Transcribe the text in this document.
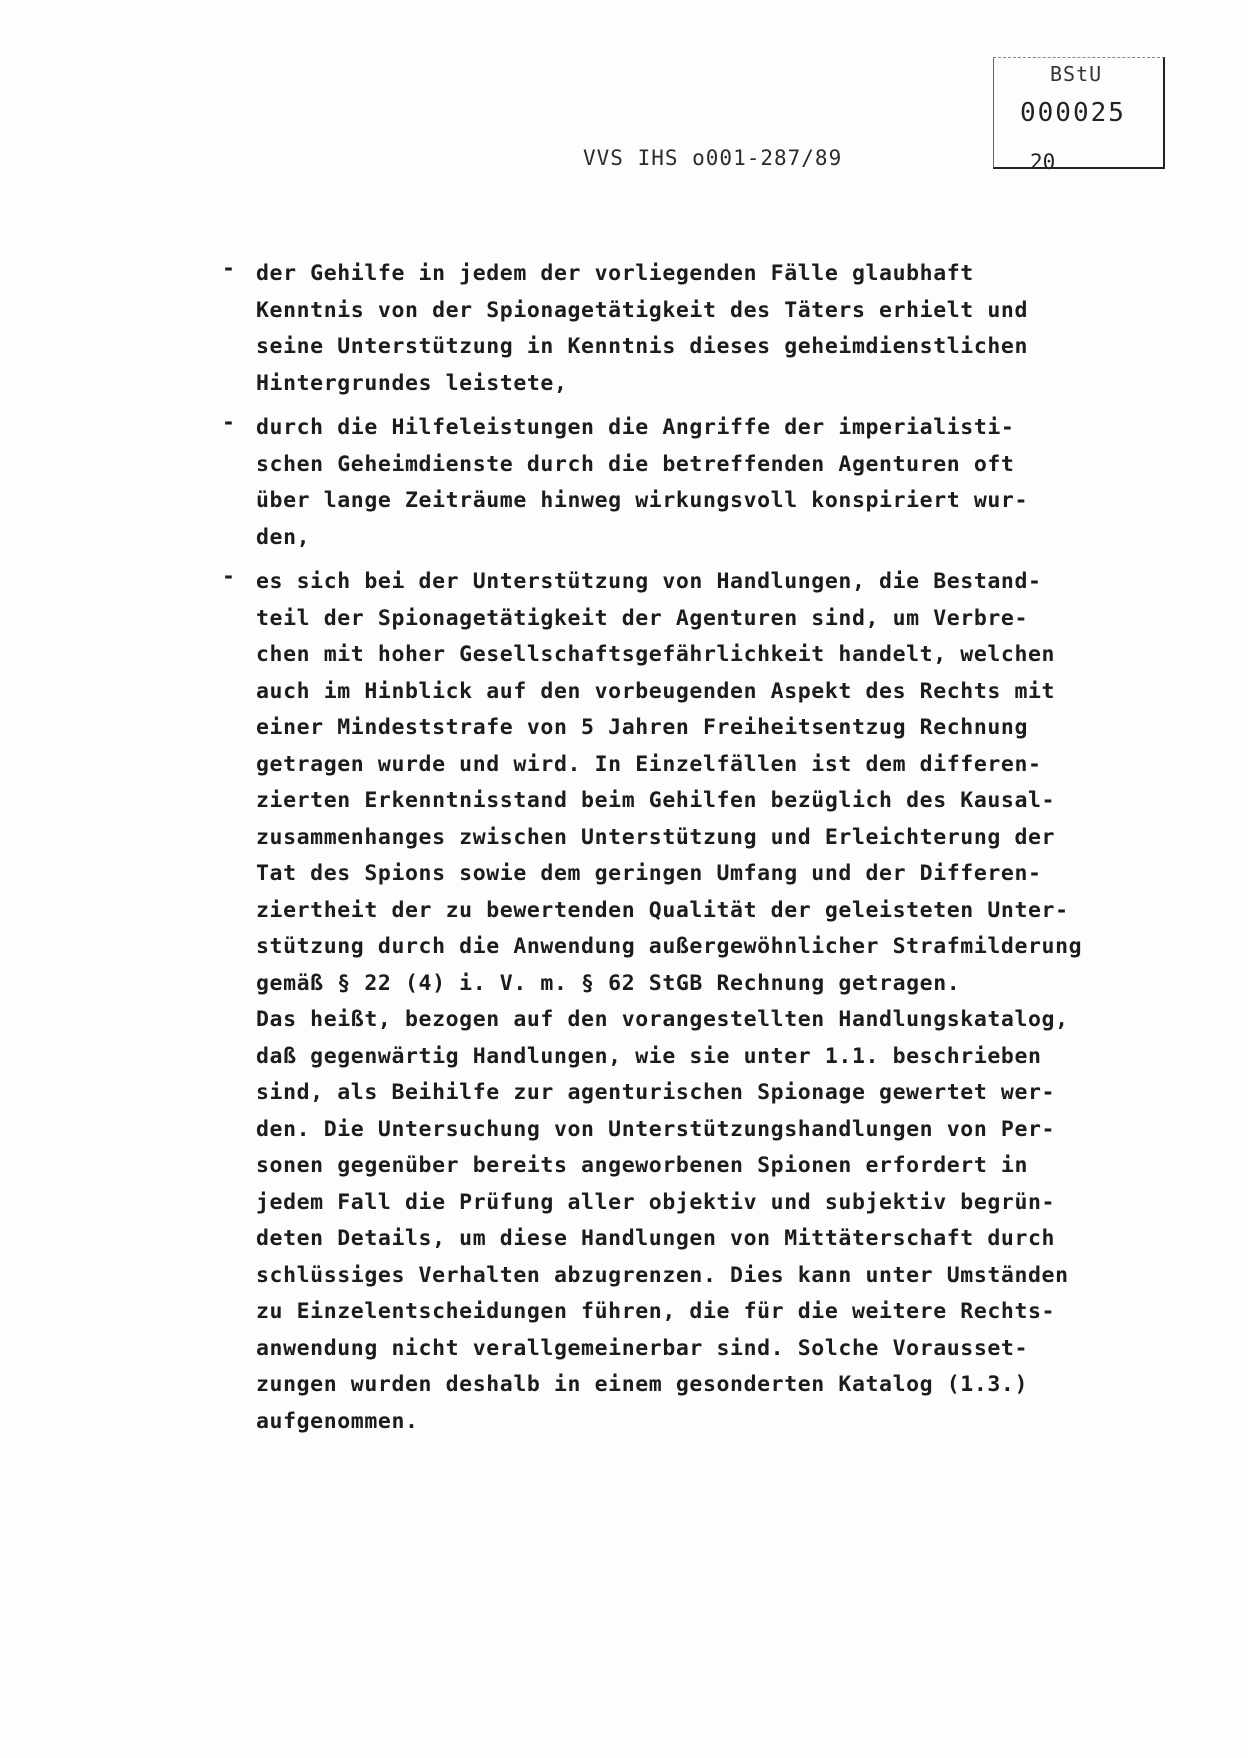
VVS IHS o001-287/89
BStU
000025
20
- der Gehilfe in jedem der vorliegenden Fälle glaubhaft
Kenntnis von der Spionagetätigkeit des Täters erhielt und
seine Unterstützung in Kenntnis dieses geheimdienstlichen
Hintergrundes leistete,
- durch die Hilfeleistungen die Angriffe der imperialisti-
schen Geheimdienste durch die betreffenden Agenturen oft
über lange Zeiträume hinweg wirkungsvoll konspiriert wur-
den,
- es sich bei der Unterstützung von Handlungen, die Bestand-
teil der Spionagetätigkeit der Agenturen sind, um Verbre-
chen mit hoher Gesellschaftsgefährlichkeit handelt, welchen
auch im Hinblick auf den vorbeugenden Aspekt des Rechts mit
einer Mindeststrafe von 5 Jahren Freiheitsentzug Rechnung
getragen wurde und wird. In Einzelfällen ist dem differen-
zierten Erkenntnisstand beim Gehilfen bezüglich des Kausal-
zusammenhanges zwischen Unterstützung und Erleichterung der
Tat des Spions sowie dem geringen Umfang und der Differen-
ziertheit der zu bewertenden Qualität der geleisteten Unter-
stützung durch die Anwendung außergewöhnlicher Strafmilderung
gemäß § 22 (4) i. V. m. § 62 StGB Rechnung getragen.
Das heißt, bezogen auf den vorangestellten Handlungskatalog,
daß gegenwärtig Handlungen, wie sie unter 1.1. beschrieben
sind, als Beihilfe zur agenturischen Spionage gewertet wer-
den. Die Untersuchung von Unterstützungshandlungen von Per-
sonen gegenüber bereits angeworbenen Spionen erfordert in
jedem Fall die Prüfung aller objektiv und subjektiv begrün-
deten Details, um diese Handlungen von Mittäterschaft durch
schlüssiges Verhalten abzugrenzen. Dies kann unter Umständen
zu Einzelentscheidungen führen, die für die weitere Rechts-
anwendung nicht verallgemeinerbar sind. Solche Vorausset-
zungen wurden deshalb in einem gesonderten Katalog (1.3.)
aufgenommen.
